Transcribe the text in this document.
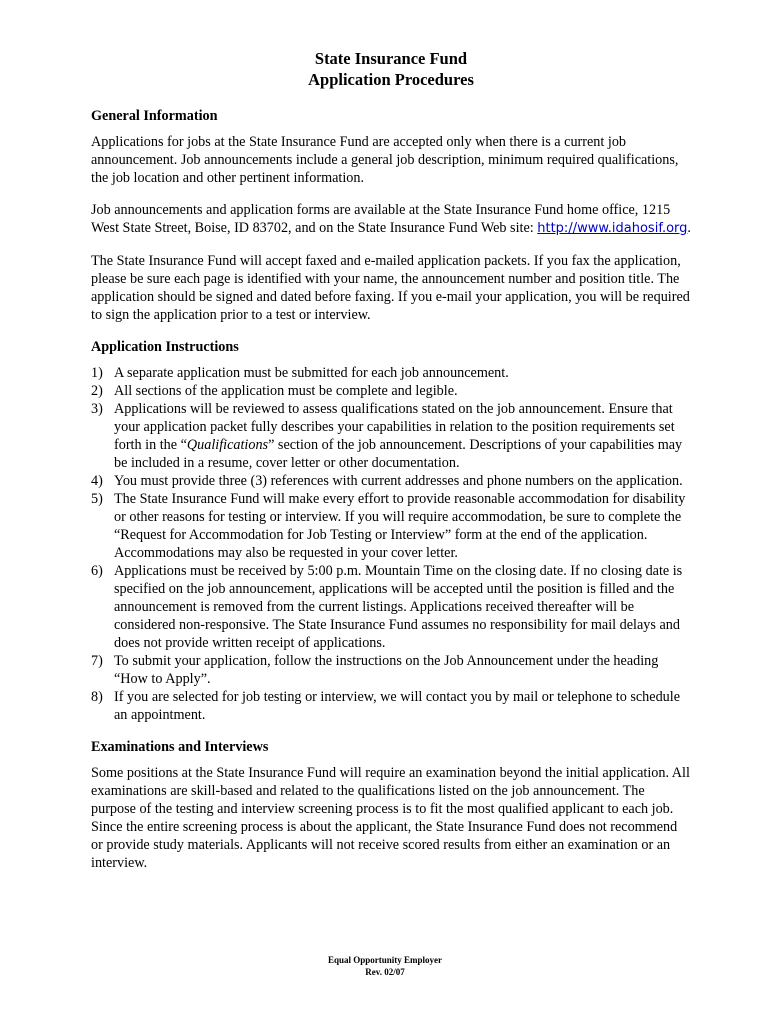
State Insurance Fund

Application Procedures

General Information

Applications for jobs at the State Insurance Fund are accepted only when there is a current job announcement. Job announcements include a general job description, minimum required qualifications, the job location and other pertinent information.

Job announcements and application forms are available at the State Insurance Fund home office, 1215 West State Street, Boise, ID 83702, and on the State Insurance Fund Web site: http://www.idahosif.org.

The State Insurance Fund will accept faxed and e-mailed application packets. If you fax the application, please be sure each page is identified with your name, the announcement number and position title. The application should be signed and dated before faxing. If you e-mail your application, you will be required to sign the application prior to a test or interview.

Application Instructions

1) A separate application must be submitted for each job announcement.
2) All sections of the application must be complete and legible.
3) Applications will be reviewed to assess qualifications stated on the job announcement. Ensure that your application packet fully describes your capabilities in relation to the position requirements set forth in the “Qualifications” section of the job announcement. Descriptions of your capabilities may be included in a resume, cover letter or other documentation.
4) You must provide three (3) references with current addresses and phone numbers on the application.
5) The State Insurance Fund will make every effort to provide reasonable accommodation for disability or other reasons for testing or interview. If you will require accommodation, be sure to complete the “Request for Accommodation for Job Testing or Interview” form at the end of the application. Accommodations may also be requested in your cover letter.
6) Applications must be received by 5:00 p.m. Mountain Time on the closing date. If no closing date is specified on the job announcement, applications will be accepted until the position is filled and the announcement is removed from the current listings. Applications received thereafter will be considered non-responsive. The State Insurance Fund assumes no responsibility for mail delays and does not provide written receipt of applications.
7) To submit your application, follow the instructions on the Job Announcement under the heading “How to Apply”.
8) If you are selected for job testing or interview, we will contact you by mail or telephone to schedule an appointment.

Examinations and Interviews

Some positions at the State Insurance Fund will require an examination beyond the initial application. All examinations are skill-based and related to the qualifications listed on the job announcement. The purpose of the testing and interview screening process is to fit the most qualified applicant to each job. Since the entire screening process is about the applicant, the State Insurance Fund does not recommend or provide study materials. Applicants will not receive scored results from either an examination or an interview.

Equal Opportunity Employer
Rev. 02/07
